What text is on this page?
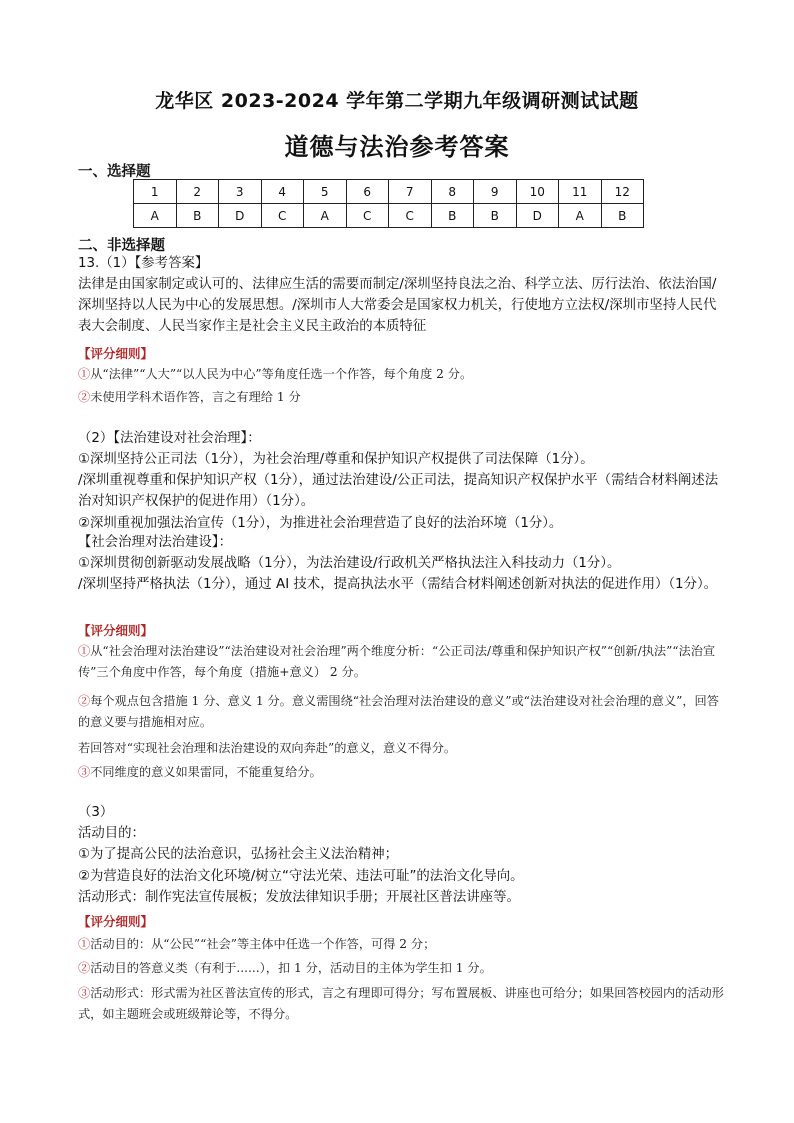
龙华区 2023-2024 学年第二学期九年级调研测试试题
道德与法治参考答案
一、选择题
1	2	3	4	5	6	7	8	9	10	11	12
A	B	D	C	A	C	C	B	B	D	A	B
二、非选择题
13.（1）【参考答案】
法律是由国家制定或认可的、法律应生活的需要而制定/深圳坚持良法之治、科学立法、厉行法治、依法治国/深圳坚持以人民为中心的发展思想。/深圳市人大常委会是国家权力机关，行使地方立法权/深圳市坚持人民代表大会制度、人民当家作主是社会主义民主政治的本质特征
【评分细则】
①从“法律”“人大”“以人民为中心”等角度任选一个作答，每个角度 2 分。
②未使用学科术语作答，言之有理给 1 分
（2）【法治建设对社会治理】：
①深圳坚持公正司法（1分），为社会治理/尊重和保护知识产权提供了司法保障（1分）。
/深圳重视尊重和保护知识产权（1分），通过法治建设/公正司法，提高知识产权保护水平（需结合材料阐述法治对知识产权保护的促进作用）（1分）。
②深圳重视加强法治宣传（1分），为推进社会治理营造了良好的法治环境（1分）。
【社会治理对法治建设】：
①深圳贯彻创新驱动发展战略（1分），为法治建设/行政机关严格执法注入科技动力（1分）。
/深圳坚持严格执法（1分），通过 AI 技术，提高执法水平（需结合材料阐述创新对执法的促进作用）（1分）。
【评分细则】
①从“社会治理对法治建设”“法治建设对社会治理”两个维度分析：“公正司法/尊重和保护知识产权”“创新/执法”“法治宣传”三个角度中作答，每个角度（措施+意义） 2 分。
②每个观点包含措施 1 分、意义 1 分。意义需围绕“社会治理对法治建设的意义”或“法治建设对社会治理的意义”，回答的意义要与措施相对应。
若回答对“实现社会治理和法治建设的双向奔赴”的意义，意义不得分。
③不同维度的意义如果雷同，不能重复给分。
（3）
活动目的：
①为了提高公民的法治意识，弘扬社会主义法治精神；
②为营造良好的法治文化环境/树立“守法光荣、违法可耻”的法治文化导向。
活动形式：制作宪法宣传展板；发放法律知识手册；开展社区普法讲座等。
【评分细则】
①活动目的：从“公民”“社会”等主体中任选一个作答，可得 2 分；
②活动目的答意义类（有利于......），扣 1 分，活动目的主体为学生扣 1 分。
③活动形式：形式需为社区普法宣传的形式，言之有理即可得分；写布置展板、讲座也可给分；如果回答校园内的活动形式，如主题班会或班级辩论等，不得分。
